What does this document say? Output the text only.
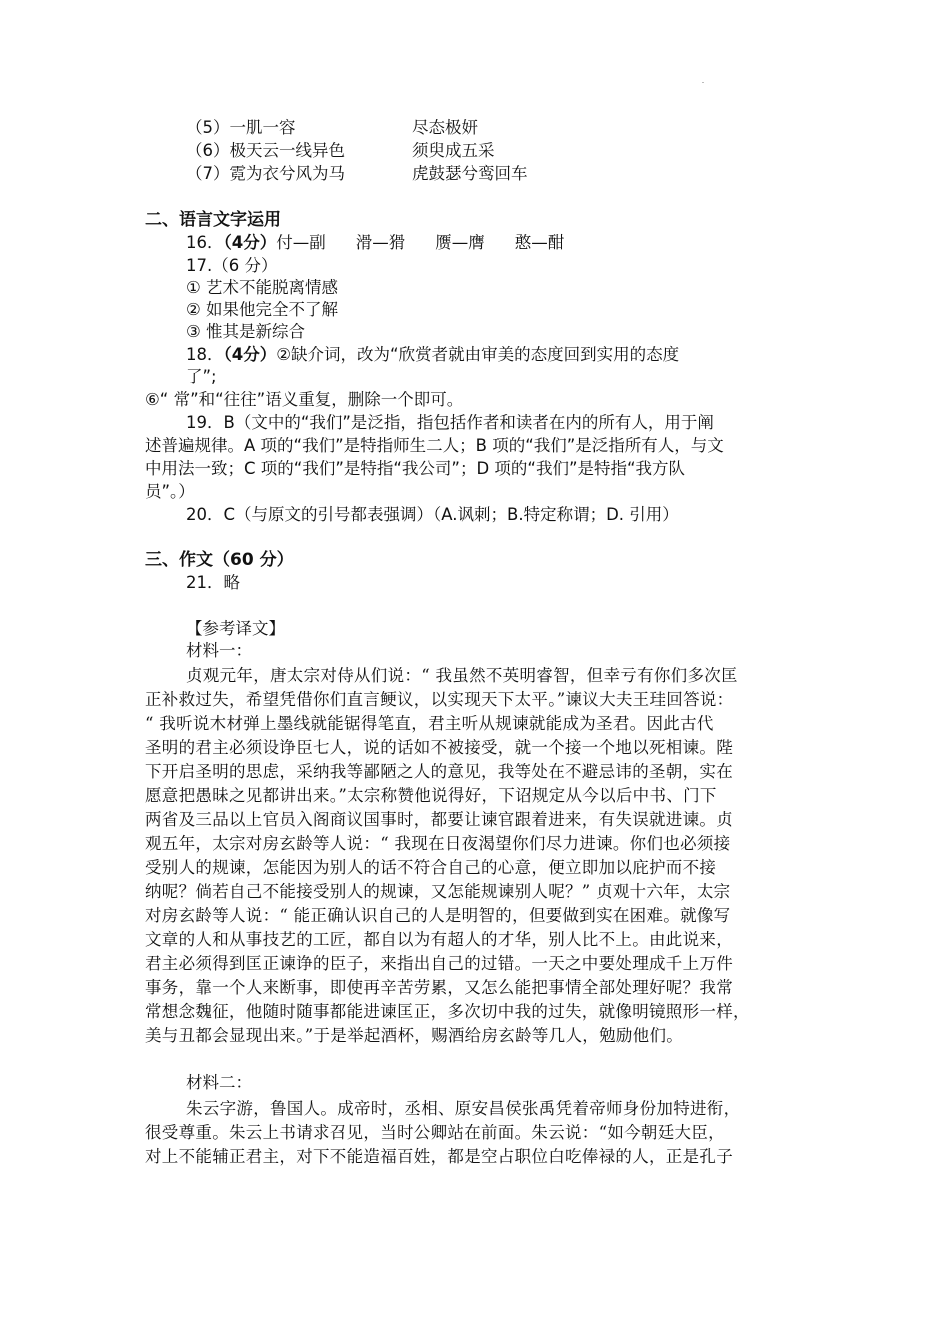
（5）一肌一容	尽态极妍
（6）极天云一线异色	须臾成五采
（7）霓为衣兮风为马	虎鼓瑟兮鸾回车
二、语言文字运用
16．（4分）付—副 滑—猾 赝—膺 憨—酣
17.（6 分）
① 艺术不能脱离情感
② 如果他完全不了解
③ 惟其是新综合
18．（4分）②缺介词，改为“欣赏者就由审美的态度回到实用的态度
了”;
⑥“ 常”和“往往”语义重复，删除一个即可。
19．B（文中的“我们”是泛指，指包括作者和读者在内的所有人，用于阐
述普遍规律。A 项的“我们”是特指师生二人；B 项的“我们”是泛指所有人，与文
中用法一致；C 项的“我们”是特指“我公司”；D 项的“我们”是特指“我方队
员”。）
20．C（与原文的引号都表强调）（A.讽刺；B.特定称谓；D. 引用）
三、作文（60 分）
21．略
【参考译文】
材料一：
贞观元年，唐太宗对侍从们说：“ 我虽然不英明睿智，但幸亏有你们多次匡
正补救过失，希望凭借你们直言鲠议，以实现天下太平。”谏议大夫王珪回答说：
“ 我听说木材弹上墨线就能锯得笔直，君主听从规谏就能成为圣君。因此古代
圣明的君主必须设诤臣七人，说的话如不被接受，就一个接一个地以死相谏。陛
下开启圣明的思虑，采纳我等鄙陋之人的意见，我等处在不避忌讳的圣朝，实在
愿意把愚昧之见都讲出来。”太宗称赞他说得好，下诏规定从今以后中书、门下
两省及三品以上官员入阁商议国事时，都要让谏官跟着进来，有失误就进谏。贞
观五年，太宗对房玄龄等人说：“ 我现在日夜渴望你们尽力进谏。你们也必须接
受别人的规谏，怎能因为别人的话不符合自己的心意，便立即加以庇护而不接
纳呢？倘若自己不能接受别人的规谏，又怎能规谏别人呢？” 贞观十六年，太宗
对房玄龄等人说：“ 能正确认识自己的人是明智的，但要做到实在困难。就像写
文章的人和从事技艺的工匠，都自以为有超人的才华，别人比不上。由此说来，
君主必须得到匡正谏诤的臣子，来指出自己的过错。一天之中要处理成千上万件
事务，靠一个人来断事，即使再辛苦劳累，又怎么能把事情全部处理好呢？我常
常想念魏征，他随时随事都能进谏匡正，多次切中我的过失，就像明镜照形一样，
美与丑都会显现出来。”于是举起酒杯，赐酒给房玄龄等几人，勉励他们。
材料二：
朱云字游，鲁国人。成帝时，丞相、原安昌侯张禹凭着帝师身份加特进衔，
很受尊重。朱云上书请求召见，当时公卿站在前面。朱云说：“如今朝廷大臣，
对上不能辅正君主，对下不能造福百姓，都是空占职位白吃俸禄的人，正是孔子
